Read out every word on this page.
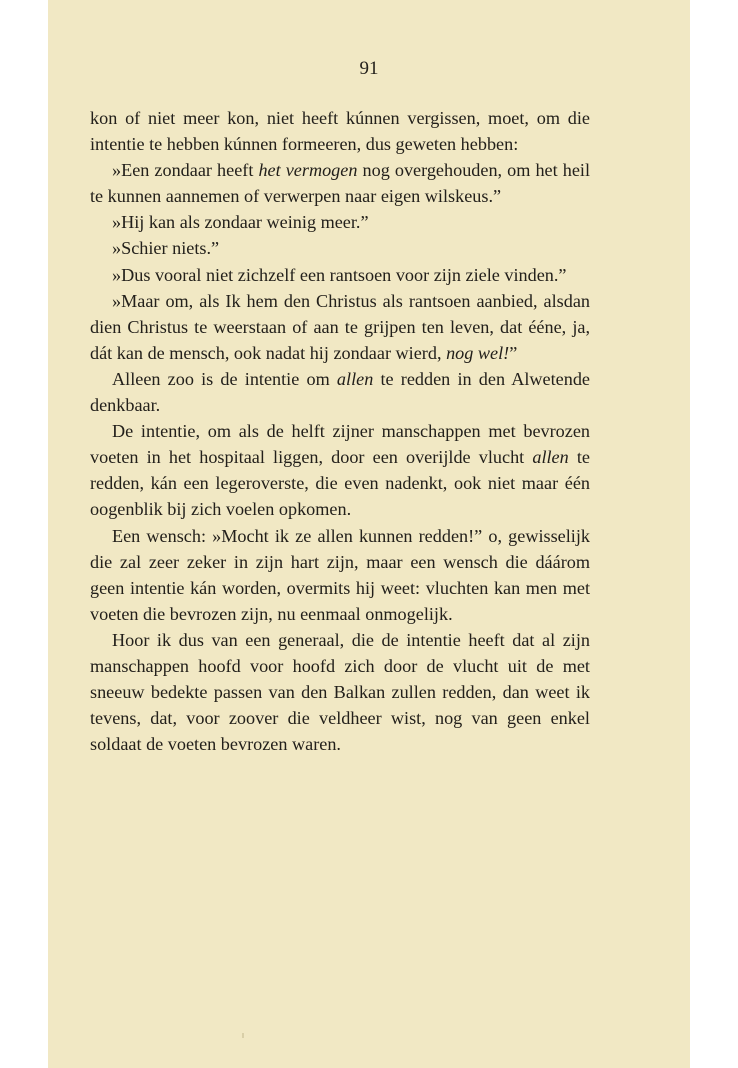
91

kon of niet meer kon, niet heeft kúnnen vergissen, moet, om die intentie te hebben kúnnen formeeren, dus geweten hebben:

»Een zondaar heeft het vermogen nog overgehouden, om het heil te kunnen aannemen of verwerpen naar eigen wilskeus.”

»Hij kan als zondaar weinig meer.”

»Schier niets.”

»Dus vooral niet zichzelf een rantsoen voor zijn ziele vinden.”

»Maar om, als Ik hem den Christus als rantsoen aanbied, alsdan dien Christus te weerstaan of aan te grijpen ten leven, dat ééne, ja, dát kan de mensch, ook nadat hij zondaar wierd, nog wel!”

Alleen zoo is de intentie om allen te redden in den Alwetende denkbaar.

De intentie, om als de helft zijner manschappen met bevrozen voeten in het hospitaal liggen, door een overijlde vlucht allen te redden, kán een legeroverste, die even nadenkt, ook niet maar één oogenblik bij zich voelen opkomen.

Een wensch: »Mocht ik ze allen kunnen redden!” o, gewisselijk die zal zeer zeker in zijn hart zijn, maar een wensch die dáárom geen intentie kán worden, overmits hij weet: vluchten kan men met voeten die bevrozen zijn, nu eenmaal onmogelijk.

Hoor ik dus van een generaal, die de intentie heeft dat al zijn manschappen hoofd voor hoofd zich door de vlucht uit de met sneeuw bedekte passen van den Balkan zullen redden, dan weet ik tevens, dat, voor zoover die veldheer wist, nog van geen enkel soldaat de voeten bevrozen waren.
